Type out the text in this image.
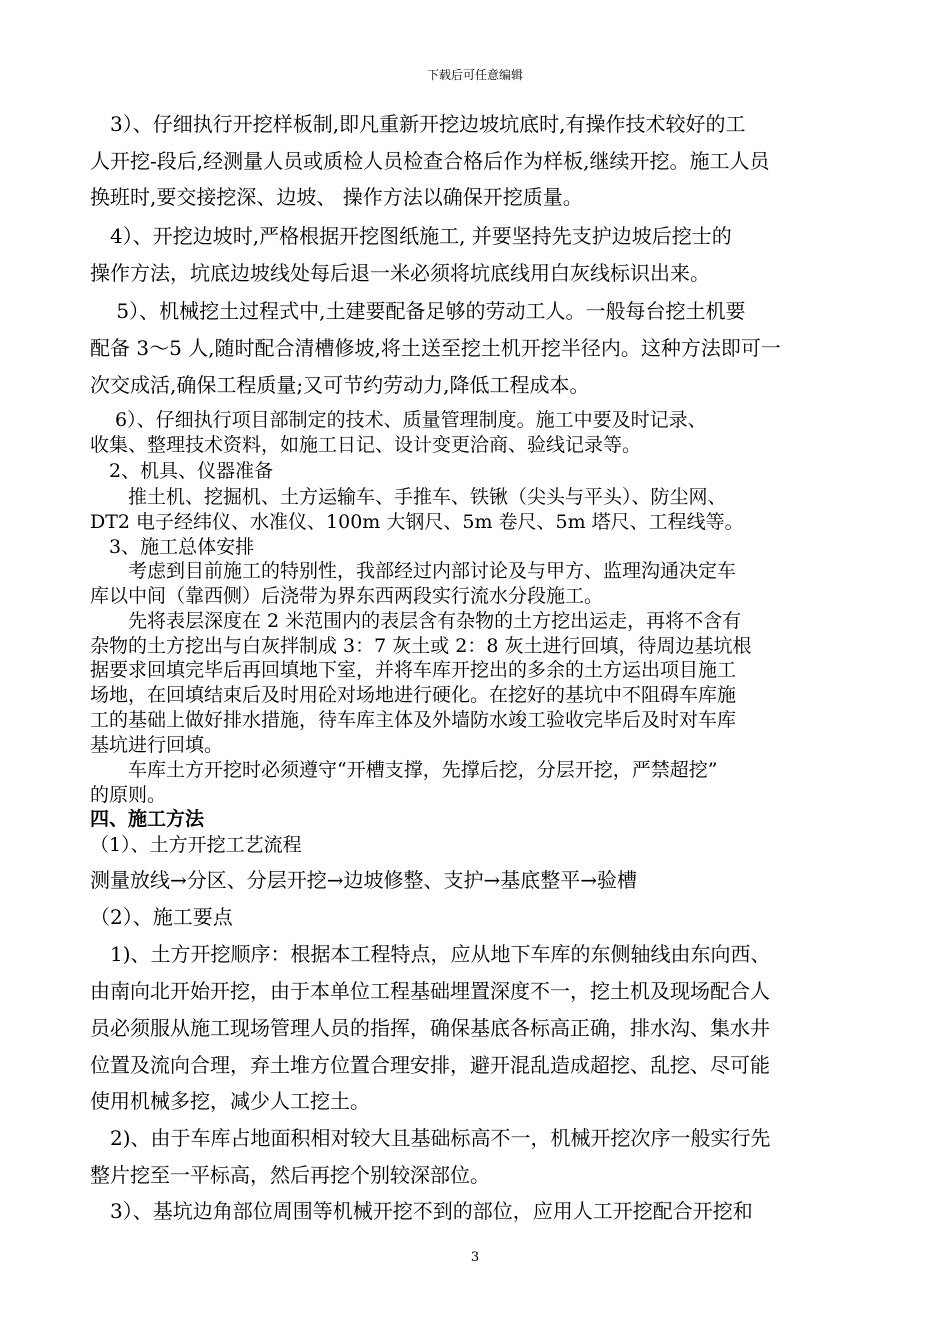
下载后可任意编辑
　3）、仔细执行开挖样板制,即凡重新开挖边坡坑底时,有操作技术较好的工
人开挖-段后,经测量人员或质检人员检查合格后作为样板,继续开挖。施工人员
换班时,要交接挖深、边坡、 操作方法以确保开挖质量。
　4）、开挖边坡时,严格根据开挖图纸施工, 并要坚持先支护边坡后挖士的
操作方法，坑底边坡线处每后退一米必须将坑底线用白灰线标识出来。
　 5）、机械挖土过程式中,土建要配备足够的劳动工人。一般每台挖土机要
配备 3～5 人,随时配合清槽修坡,将土送至挖土机开挖半径内。这种方法即可一
次交成活,确保工程质量;又可节约劳动力,降低工程成本。
　 6）、仔细执行项目部制定的技术、质量管理制度。施工中要及时记录、
收集、整理技术资料，如施工日记、设计变更洽商、验线记录等。
　2、机具、仪器准备
　　推土机、挖掘机、土方运输车、手推车、铁锹（尖头与平头）、防尘网、
DT2 电子经纬仪、水准仪、100m 大钢尺、5m 卷尺、5m 塔尺、工程线等。
　3、施工总体安排
　　考虑到目前施工的特别性，我部经过内部讨论及与甲方、监理沟通决定车
库以中间（靠西侧）后浇带为界东西两段实行流水分段施工。
　　先将表层深度在 2 米范围内的表层含有杂物的土方挖出运走，再将不含有
杂物的土方挖出与白灰拌制成 3：7 灰土或 2：8 灰土进行回填，待周边基坑根
据要求回填完毕后再回填地下室，并将车库开挖出的多余的土方运出项目施工
场地，在回填结束后及时用砼对场地进行硬化。在挖好的基坑中不阻碍车库施
工的基础上做好排水措施，待车库主体及外墙防水竣工验收完毕后及时对车库
基坑进行回填。
　　车库土方开挖时必须遵守“开槽支撑，先撑后挖，分层开挖，严禁超挖”
的原则。
四、施工方法
（1）、土方开挖工艺流程
测量放线→分区、分层开挖→边坡修整、支护→基底整平→验槽
（2）、施工要点
　1)、土方开挖顺序：根据本工程特点，应从地下车库的东侧轴线由东向西、
由南向北开始开挖，由于本单位工程基础埋置深度不一，挖土机及现场配合人
员必须服从施工现场管理人员的指挥，确保基底各标高正确，排水沟、集水井
位置及流向合理，弃土堆方位置合理安排，避开混乱造成超挖、乱挖、尽可能
使用机械多挖，减少人工挖土。
　2)、由于车库占地面积相对较大且基础标高不一，机械开挖次序一般实行先
整片挖至一平标高，然后再挖个别较深部位。
　3）、基坑边角部位周围等机械开挖不到的部位，应用人工开挖配合开挖和
3
